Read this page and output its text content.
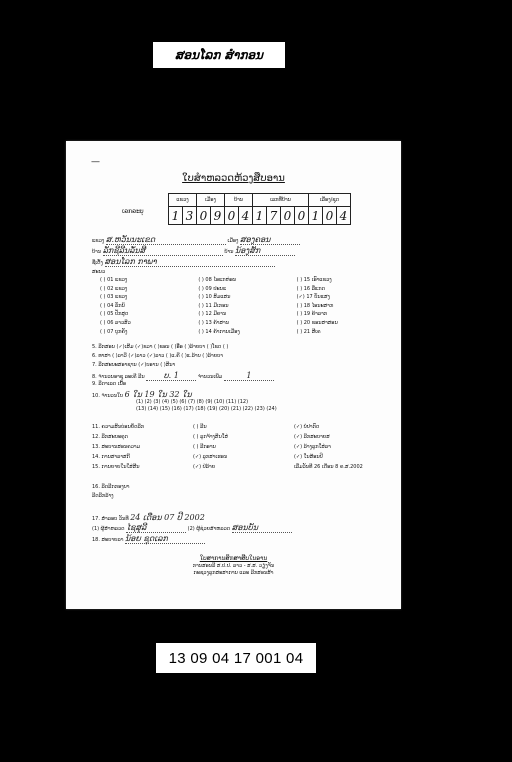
ສອນໂລກ ສໍາກອນ
—
ໃບສໍາຫລວດຫ້ວງສືບອານ
ເລກລະບຸ
ແຂວງ		ເມືອງ		ບ້ານ		ເລກທີ່ບ້ານ				ເລືອງ/ຊຸດ		
1	3	0	9	0	4	1	7	0	0	1	0	4
ແຂວງ ສ.ຫວັນນະເຂດ	ເມືອງ ສອງຄອນ
ບ້ານ ລັກຊີລີນລັ່ນສີ	ບ້ານ ນ້ອງສັກ
ຊື່ເຕັ້ງ ສອນໂລກ ກາພາ
ສະນວ
( ) 01 ແຂວງ	( ) 08 ໄອແກຫ່ອນ	( ) 15 ເອົາແຂວງ
( ) 02 ແຂວງ	( ) 09 ປະນແ	( ) 16 ລີ່ແກດ
( ) 03 ແຂວງ	( ) 10 ສິມແສນ	(✓) 17 ບັນແສງ
( ) 04 ລັກນິ	( ) 11 ມີເກອນ	( ) 18 ໄອນະສາກ
( ) 05 ປັກສູດ	( ) 12 ມີຄານ	( ) 19 ຄ້າລາກ
( ) 06 ລາວສິວ	( ) 13 ຄ້າສານ	( ) 20 ຂອນສາສອນ
( ) 07 ບູກຄັ່ງ	( ) 14 ຄ້າການເມືອງ	( ) 21 ສີເຄ
5. ລີກສອນ (✓)ເສີມ (✓)ຂວາ ( )ຂອນ ( )ອື່ອ ( )ລ້າຍບາ ( )ໂຂດ ( )
6. ທາສາ ( )ລາວີ (✓)ລາວ (✓)ລາວ ( )ແ.ຄີ ( )ແ.ລ້າບ ( )ລ້າຍບາ
7. ລີກສະບະສອາຊານ (✓)ບອານ ( )ສິນາ
8. ຈໍານວນອາຊູ ລະເຄີ ລີນ ບ. 1	ຈໍານວນເພີມ	1
9. ລີດາເລດ ເນື້ອ
10. ຈໍານວນໃບ 6 ໃນ 19 ໃນ 32 ໃນ
(1) (2) (3) (4) (5) (6) (7) (8) (9) (10) (11) (12)
(13) (14) (15) (16) (17) (18) (19) (20) (21) (22) (23) (24)
11. ຄວາມສິນບ່ອນຍຶດລີກ	( ) ລີນ	(✓) ບໍ່ປາກົດ
12. ລີກສະບະຄຸດ	( ) ລູກຈ້າງສິນໃສ່	(✓) ລີກສະບາຍສ
13. ສະບານສອນຄວາມ	( ) ລີກອານ	(✓) ລ້າງລູກໃສ່ລາ
14. ການສາລາສກີ	(✓) ລູກສາເຮອນ	(✓) ໃນສ້ອນປີ
15. ການຍາຍໃນໃສ່ສີນ	(✓) ປໍລ້າຍ	ເລີ່ມວັນທີ 26 ເດືອນ 8 ຄ.ສ.2002
16. ລີດລີກກອງບາ
ລີດລີກລ້າງ
17. ສໍາລອບ ວັນທີ 24 ເດືອນ 07 ປີ 2002
(1) ຜູ້ສໍາຫລວດ ໄຊສຸລີ	(2) ຜູ້ຊ່ວຍສໍາຫລວດ ສອນບັນ
18. ສະບາຍລາ ນ້ອຍ ຊຸດເລກ
ໃບສາການສິກສາສີບໃນອານ
ການສອນລີ ສ.ປ.ປ. ລາວ - ສ.ສ. ວຽງຈັນ
ກະຊວງລູກສະສາການ ແລະ ລີກສອນສ້າ
13 09 04 17 001 04
